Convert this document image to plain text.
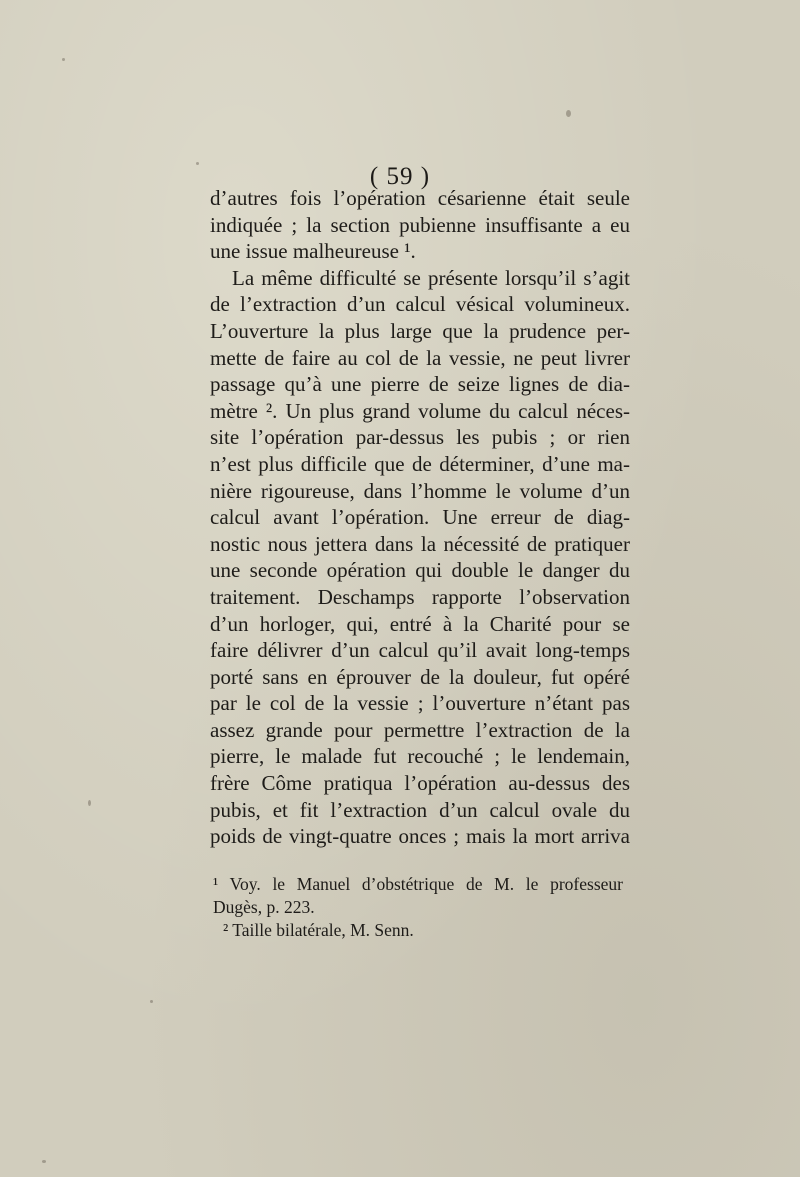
( 59 )
d’autres fois l’opération césarienne était seule
indiquée ; la section pubienne insuffisante a eu
une issue malheureuse ¹.
La même difficulté se présente lorsqu’il s’agit
de l’extraction d’un calcul vésical volumineux.
L’ouverture la plus large que la prudence per-
mette de faire au col de la vessie, ne peut livrer
passage qu’à une pierre de seize lignes de dia-
mètre ². Un plus grand volume du calcul néces-
site l’opération par-dessus les pubis ; or rien
n’est plus difficile que de déterminer, d’une ma-
nière rigoureuse, dans l’homme le volume d’un
calcul avant l’opération. Une erreur de diag-
nostic nous jettera dans la nécessité de pratiquer
une seconde opération qui double le danger du
traitement. Deschamps rapporte l’observation
d’un horloger, qui, entré à la Charité pour se
faire délivrer d’un calcul qu’il avait long-temps
porté sans en éprouver de la douleur, fut opéré
par le col de la vessie ; l’ouverture n’étant pas
assez grande pour permettre l’extraction de la
pierre, le malade fut recouché ; le lendemain,
frère Côme pratiqua l’opération au-dessus des
pubis, et fit l’extraction d’un calcul ovale du
poids de vingt-quatre onces ; mais la mort arriva
¹ Voy. le Manuel d’obstétrique de M. le professeur
Dugès, p. 223.
² Taille bilatérale, M. Senn.
